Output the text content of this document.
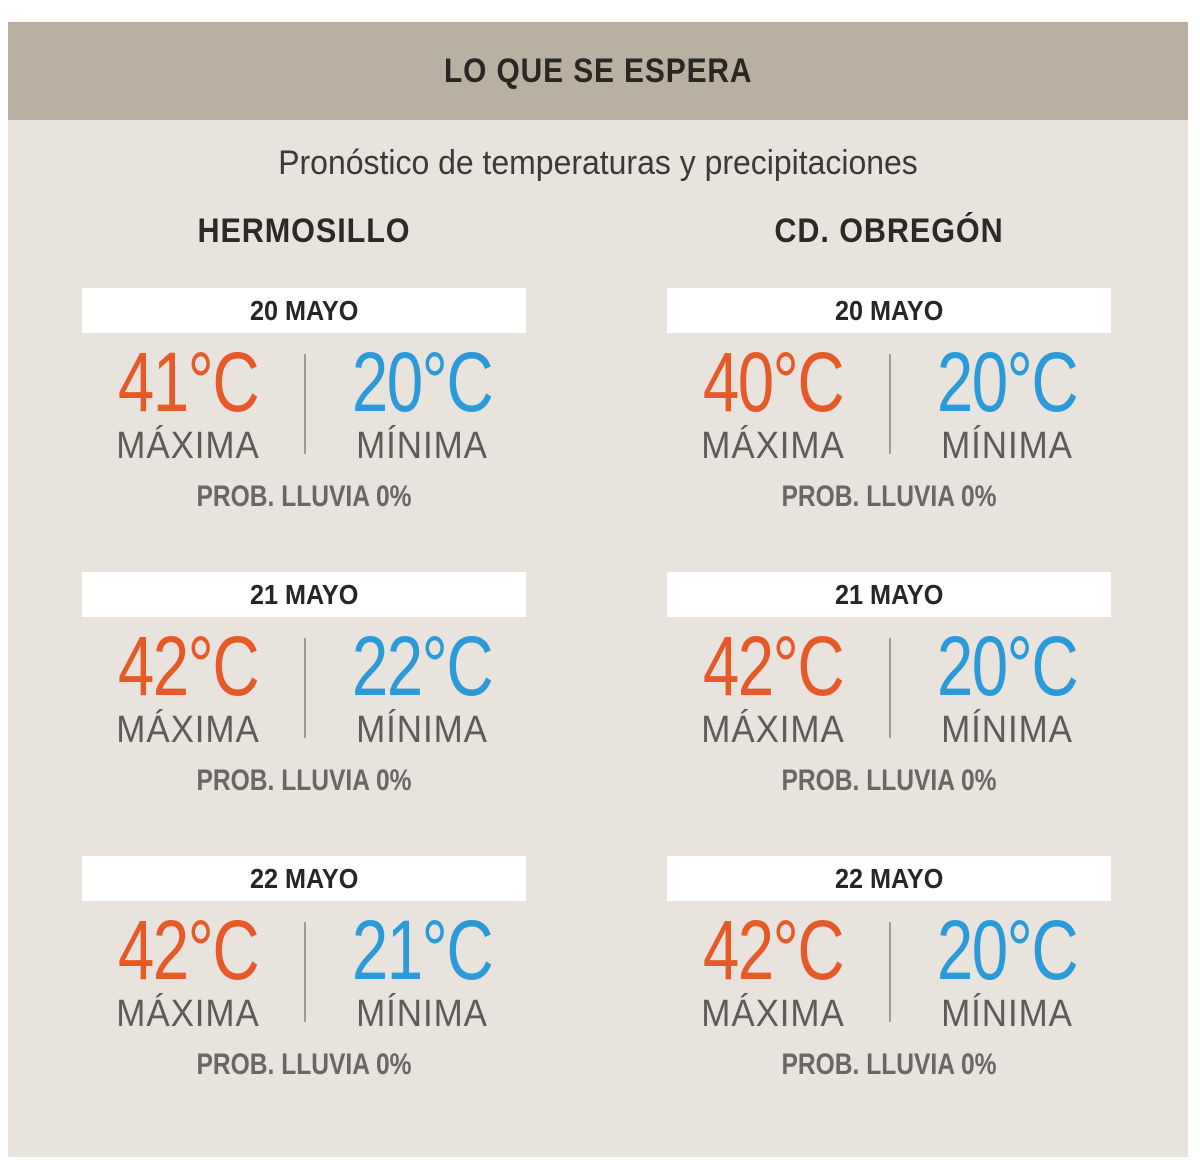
LO QUE SE ESPERA
Pronóstico de temperaturas y precipitaciones
HERMOSILLO
20 MAYO
41°C
MÁXIMA
20°C
MÍNIMA
PROB. LLUVIA 0%
21 MAYO
42°C
MÁXIMA
22°C
MÍNIMA
PROB. LLUVIA 0%
22 MAYO
42°C
MÁXIMA
21°C
MÍNIMA
PROB. LLUVIA 0%
CD. OBREGÓN
20 MAYO
40°C
MÁXIMA
20°C
MÍNIMA
PROB. LLUVIA 0%
21 MAYO
42°C
MÁXIMA
20°C
MÍNIMA
PROB. LLUVIA 0%
22 MAYO
42°C
MÁXIMA
20°C
MÍNIMA
PROB. LLUVIA 0%
